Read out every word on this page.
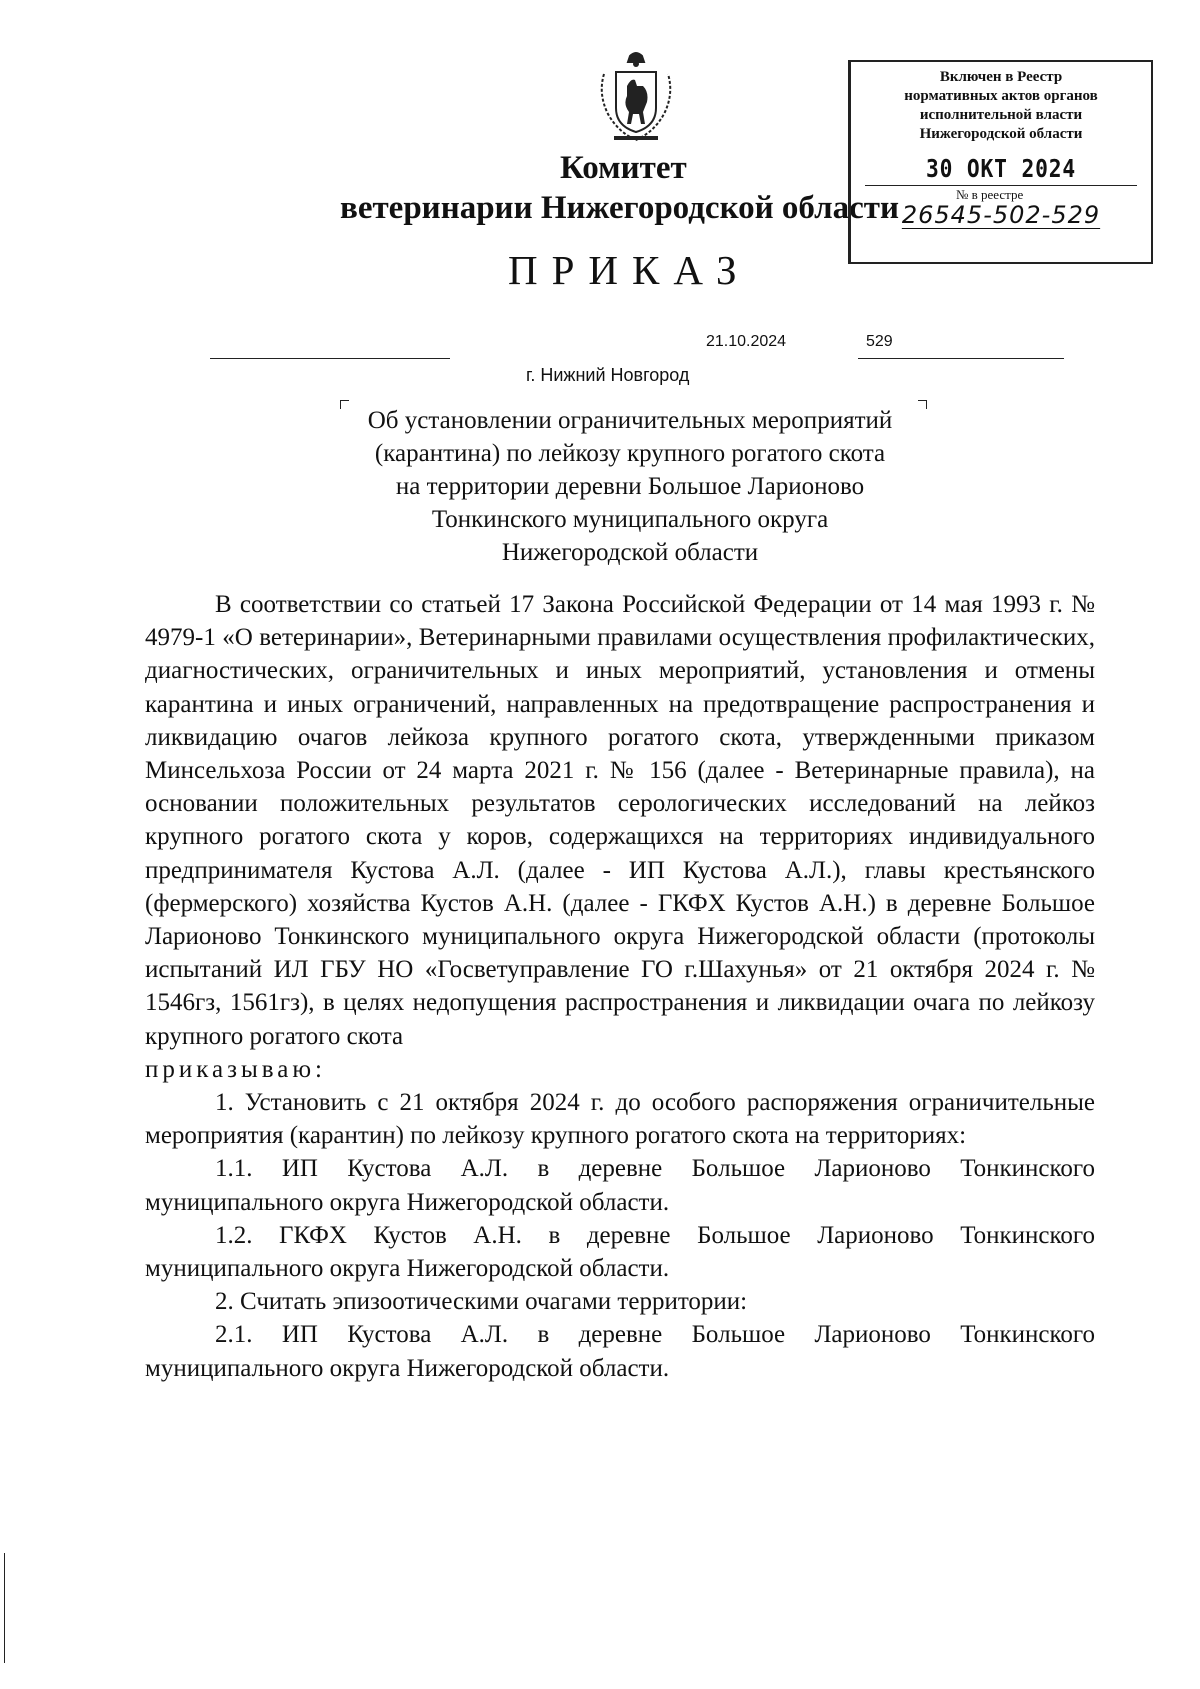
Комитет
ветеринарии Нижегородской области
ПРИКАЗ
Включен в Реестр
нормативных актов органов
исполнительной власти
Нижегородской области
30 ОКТ 2024
№ в реестре
26545-502-529
21.10.2024	529
г. Нижний Новгород
Об установлении ограничительных мероприятий
(карантина) по лейкозу крупного рогатого скота
на территории деревни Большое Ларионово
Тонкинского муниципального округа
Нижегородской области
В соответствии со статьей 17 Закона Российской Федерации от 14 мая 1993 г. № 4979-1 «О ветеринарии», Ветеринарными правилами осуществления профилактических, диагностических, ограничительных и иных мероприятий, установления и отмены карантина и иных ограничений, направленных на предотвращение распространения и ликвидацию очагов лейкоза крупного рогатого скота, утвержденными приказом Минсельхоза России от 24 марта 2021 г. № 156 (далее - Ветеринарные правила), на основании положительных результатов серологических исследований на лейкоз крупного рогатого скота у коров, содержащихся на территориях индивидуального предпринимателя Кустова А.Л. (далее - ИП Кустова А.Л.), главы крестьянского (фермерского) хозяйства Кустов А.Н. (далее - ГКФХ Кустов А.Н.) в деревне Большое Ларионово Тонкинского муниципального округа Нижегородской области (протоколы испытаний ИЛ ГБУ НО «Госветуправление ГО г.Шахунья» от 21 октября 2024 г. № 1546гз, 1561гз), в целях недопущения распространения и ликвидации очага по лейкозу крупного рогатого скота
приказываю:
1. Установить с 21 октября 2024 г. до особого распоряжения ограничительные мероприятия (карантин) по лейкозу крупного рогатого скота на территориях:
1.1. ИП Кустова А.Л. в деревне Большое Ларионово Тонкинского муниципального округа Нижегородской области.
1.2. ГКФХ Кустов А.Н. в деревне Большое Ларионово Тонкинского муниципального округа Нижегородской области.
2. Считать эпизоотическими очагами территории:
2.1. ИП Кустова А.Л. в деревне Большое Ларионово Тонкинского муниципального округа Нижегородской области.
